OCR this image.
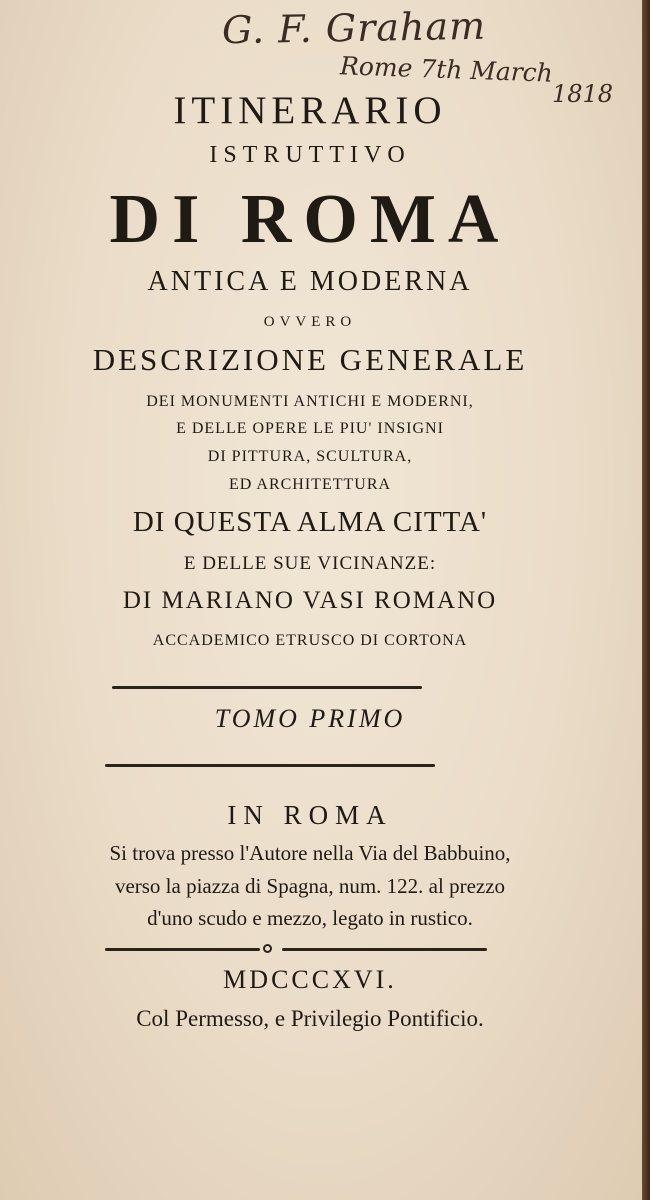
G. F. Graham
Rome 7th March
1818
ITINERARIO
ISTRUTTIVO
DI ROMA
ANTICA E MODERNA
OVVERO
DESCRIZIONE GENERALE
DEI MONUMENTI ANTICHI E MODERNI,
E DELLE OPERE LE PIU' INSIGNI
DI PITTURA, SCULTURA,
ED ARCHITETTURA
DI QUESTA ALMA CITTA'
E DELLE SUE VICINANZE:
DI MARIANO VASI ROMANO
ACCADEMICO ETRUSCO DI CORTONA
TOMO PRIMO
IN ROMA
Si trova presso l'Autore nella Via del Babbuino,
verso la piazza di Spagna, num. 122. al prezzo
d'uno scudo e mezzo, legato in rustico.
MDCCCXVI.
Col Permesso, e Privilegio Pontificio.
